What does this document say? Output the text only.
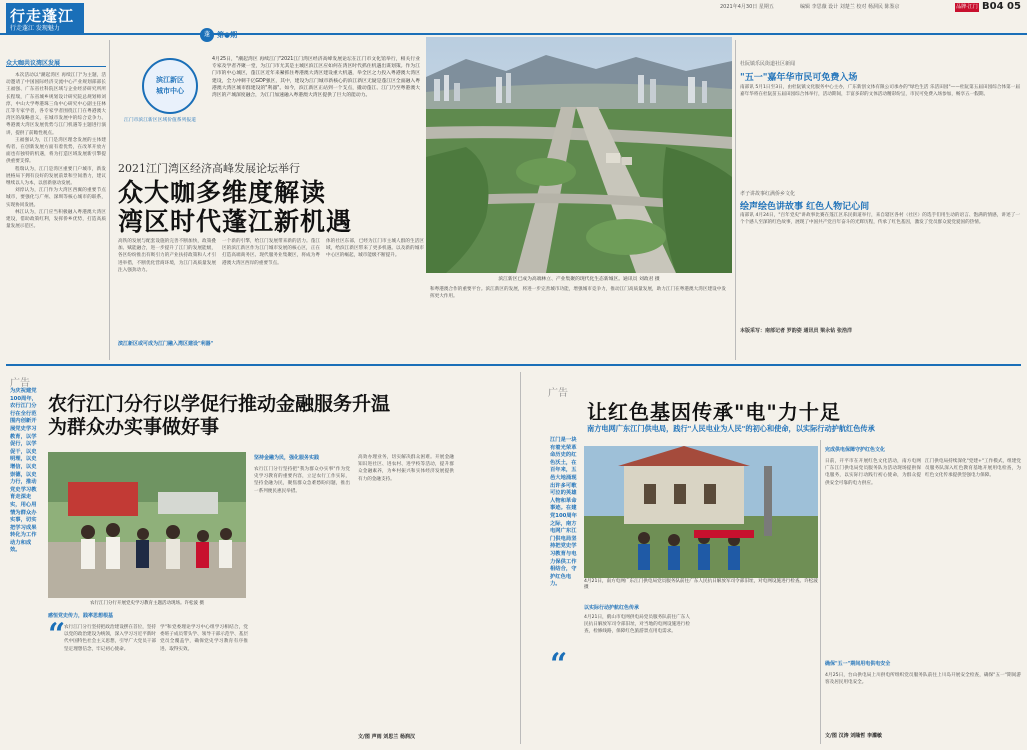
行走蓬江
行走蓬江 发现魅力
2021年4月30日 星期五	编辑 李思薇 设计 刘楚兰 校对 杨洞民 陈鉴京	品牌·江门 B04 05
蓬	第●期
众大咖共议湾区发展

本次活动以"潮起湾区 再续江门"为主题，活动邀请了中国国际经济交流中心产业规划部部长王福强、广东省社科院区域与企业经济研究所所长程瑞，广东省城乡规划设计研究院总规划师刘淳，中山大学粤港珠三角中心研究中心副主任林江等专家学者，各专家学者围绕江门在粤港澳大湾区的战略意义，在城市发展中的综合竞争力、粤港澳大湾区发展优势与江门机遇等主题进行演讲，提供了前瞻性观点。

王福强认为，江门是湾区理念发展的主体建构者，在创新发展方面有着优势，在改革开放方面也有独特的机遇，将为打造区域发展新引擎提供重要支撑。

程瑞认为，江门是湾区重要门户城市，新发展格局下拥有良好的发展前景和空间潜力，建议继续以人为本，以创新驱动发展。

刘淳认为，江门作为大湾区西翼的重要节点城市，要强化与广州、深圳等核心城市的联系，实现协同发展。

林江认为，江门应当积极融入粤港澳大湾区建设，借助政策红利，发挥侨乡优势，打造高质量发展示范区。

滨江新区
城市中心
江门市滨江新区区域价值系列报道
4月25日，"潮起湾区 再续江门"2021江门湾区经济高峰发展论坛在江门市文化馆举行，相关行业专家及学者齐聚一堂，为江门市尤其是主城区滨江区应如何在湾区时代抓住机遇出谋划策。作为江门市的中心城区，蓬江区近年来紧抓住粤港澳大湾区建设重大机遇，举全区之力投入粤港澳大湾区建设，全力冲刺千亿GDP强区，其中，建设为江门城市新核心的滨江新区无疑是蓬江区全面融入粤港澳大湾区城市群建设的"利器"。如今，滨江新区正站到一个支点，撬动蓬江、江门乃至粤港澳大湾区的产城深度融合，为江门加速融入粤港澳大湾区提供了巨大的能动力。
2021江门湾区经济高峰发展论坛举行
众大咖多维度解读
湾区时代蓬江新机遇
滨江新区已成为高端林立、产业集聚的现代化生态新城区。通讯员 刘政君 摄
高铁的发展与配套设施的完善不断加快，政策叠加、赋能融合，进一步提升了江门的发展能级，各区纷纷推出有吸引力的产业扶持政策和人才引进举措，不断优化营商环境，为江门高质量发展注入强劲动力。
滨江新区或可成为江门融入湾区建设"利器"
一个新的引擎，给江门发展带来新的活力。蓬江区的滨江新区作为江门城市发展的核心区，正在打造高端商务区、现代服务业集聚区，将成为粤港澳大湾区西岸的重要节点。
体的社区东部，已经为江门市主城人群的生活区域，给滨江新区带来了更多机遇。以及新的城市中心区的崛起，城市能级不断提升。
和粤港澳合作的重要平台。滨江新区的发展，将进一步完善城市功能，增强城市竞争力，推动江门高质量发展，助力江门在粤港澳大湾区建设中发挥更大作用。
杜阮镇乐民街道社区新闻
"五一"嘉年华市民可免费入场
南部讯 5月1日至3日，由杜阮镇文化服务中心主办，广东新创文体有限公司承办的"绿色生活 乐活田园"——杜阮第五届田园综合体第一届嘉年华将在杜阮苗五届田园综合体举行，活动期间，丰富多彩的文体活动精彩纷呈，市民可免费入场参加，畅享五一假期。
孝子讲故事红满侨乡文化
绘声绘色讲故事 红色人物记心间
南部讯 4月24日，"百年党史"讲故事比赛在蓬江区乐民街道举行，来自辖区各村（社区）的选手们用生动的语言、饱满的情感，讲述了一个个感人至深的红色故事，展现了中国共产党百年奋斗的光辉历程，传承了红色基因，激发了党员群众爱党爱国的热情。
本版采写：南部记者 罗韵姿 通讯员 梁永钻 张浩洋
广告
为庆祝建党100周年，农行江门分行在全行范围内创新开展党史学习教育，以学促行，以学促干，以史明理，以史增信，以史崇德，以史力行，推动党史学习教育走深走实，用心用情为群众办实事，切实把学习成果转化为工作动力和成效。
农行江门分行以学促行推动金融服务升温
为群众办实事做好事
农行江门分行开展党史学习教育主题活动现场。许松波 摄
感恒党史传力，践率思想根基
“
农行江门分行坚持把政治建设摆在首位，坚持以党的政治建设为统领，深入学习习近平新时代中国特色社会主义思想，引导广大党员干部坚定理想信念，牢记初心使命。
学"和党委理论学习中心组学习相结合，党委班子成员带头学、领导干部示范学、基层党员全覆盖学，确保党史学习教育有序推进、取得实效。
坚持金融为民，强化服务实践
农行江门分行坚持把"我为群众办实事"作为党史学习教育的重要内容，立足农行工作实际，坚持金融为民，聚焦群众急难愁盼问题，推出一系列便民惠民举措。
高效办理业务，切实解决群众困难。开展金融知识进社区、进农村、进学校等活动，提升群众金融素养，为乡村振兴和实体经济发展提供有力的金融支持。
文/图 声雨 刘思兰 杨润汉
广告
让红色基因传承"电"力十足
南方电网广东江门供电局，践行"人民电业为人民"的初心和使命，以实际行动护航红色传承
江门是一块有着光荣革命历史的红色沃土，在百年来，五邑大地涌现出许多可歌可泣的英雄人物和革命事迹。在建党100周年之际，南方电网广东江门供电局坚持把党史学习教育与电力保供工作相结合，守护红色电力。	4月21日，南方电网广东江门供电局党员服务队前往广东人民抗日解放军司令部旧址，对电网设施进行检查。许松波 摄
完成供电保障守护红色文化
日前，开平市在开展红色文化活动，南方电网广东江门供电局党员服务队为活动现场提供保电服务，以实际行动践行初心使命，为群众提供安全可靠的电力供应。
江门供电局持续深化"党建+"工作模式，组建党员服务队深入红色教育基地开展用电检查，为红色文化传承提供坚强电力保障。
以实际行动护航红色传承
4月21日，鹤山市电网供电局党员服务队前往广东人民抗日解放军司令部旧址，对当地的电网设施进行检查，检修线路，保障红色旅游景点用电需求。
“	确保"五一"期间用电供电安全
4月25日，台山供电局上川供电所组织党员服务队前往上川岛开展安全检查，确保"五一"期间游客及居民用电安全。
文/图 汉涛 刘隆哲 李灌敏
